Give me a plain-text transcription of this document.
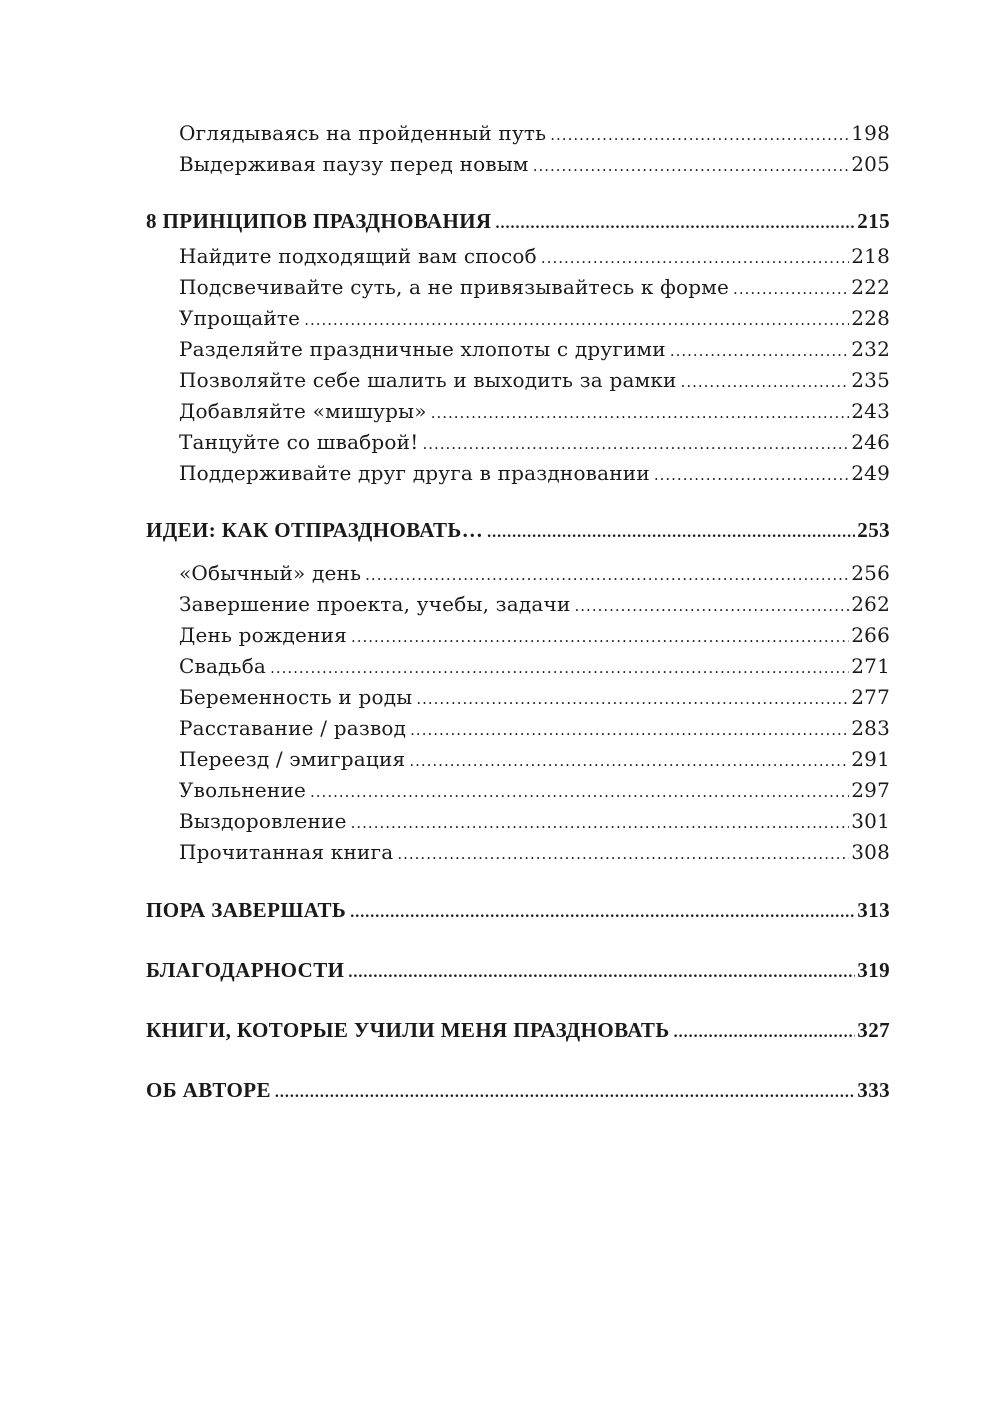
Оглядываясь на пройденный путь .....	198
Выдерживая паузу перед новым .....	205
8 ПРИНЦИПОВ ПРАЗДНОВАНИЯ .....	215
Найдите подходящий вам способ .....	218
Подсвечивайте суть, а не привязывайтесь к форме .....	222
Упрощайте .....	228
Разделяйте праздничные хлопоты с другими .....	232
Позволяйте себе шалить и выходить за рамки .....	235
Добавляйте «мишуры» .....	243
Танцуйте со шваброй! .....	246
Поддерживайте друг друга в праздновании .....	249
ИДЕИ: КАК ОТПРАЗДНОВАТЬ… .....	253
«Обычный» день .....	256
Завершение проекта, учебы, задачи .....	262
День рождения .....	266
Свадьба .....	271
Беременность и роды .....	277
Расставание / развод .....	283
Переезд / эмиграция .....	291
Увольнение .....	297
Выздоровление .....	301
Прочитанная книга .....	308
ПОРА ЗАВЕРШАТЬ .....	313
БЛАГОДАРНОСТИ .....	319
КНИГИ, КОТОРЫЕ УЧИЛИ МЕНЯ ПРАЗДНОВАТЬ .....	327
ОБ АВТОРЕ .....	333
